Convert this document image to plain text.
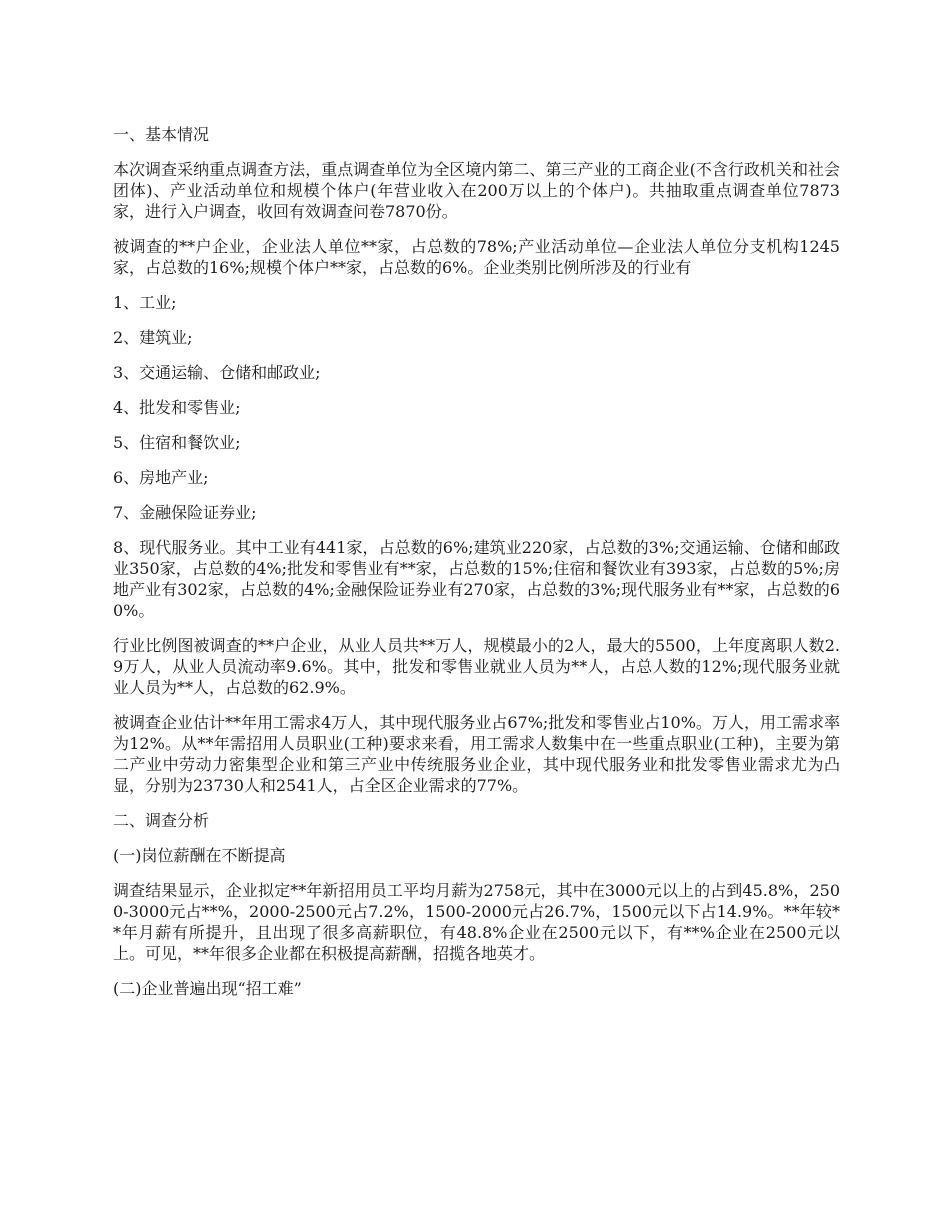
一、基本情况

本次调查采纳重点调查方法，重点调查单位为全区境内第二、第三产业的工商企业(不含行政机关和社会团体)、产业活动单位和规模个体户(年营业收入在200万以上的个体户)。共抽取重点调查单位7873家，进行入户调查，收回有效调查问卷7870份。

被调查的**户企业，企业法人单位**家，占总数的78%;产业活动单位—企业法人单位分支机构1245家，占总数的16%;规模个体户**家，占总数的6%。企业类别比例所涉及的行业有

1、工业;

2、建筑业;

3、交通运输、仓储和邮政业;

4、批发和零售业;

5、住宿和餐饮业;

6、房地产业;

7、金融保险证券业;

8、现代服务业。其中工业有441家，占总数的6%;建筑业220家，占总数的3%;交通运输、仓储和邮政业350家，占总数的4%;批发和零售业有**家，占总数的15%;住宿和餐饮业有393家，占总数的5%;房地产业有302家，占总数的4%;金融保险证券业有270家，占总数的3%;现代服务业有**家，占总数的60%。

行业比例图被调查的**户企业，从业人员共**万人，规模最小的2人，最大的5500，上年度离职人数2.9万人，从业人员流动率9.6%。其中，批发和零售业就业人员为**人，占总人数的12%;现代服务业就业人员为**人，占总数的62.9%。

被调查企业估计**年用工需求4万人，其中现代服务业占67%;批发和零售业占10%。万人，用工需求率为12%。从**年需招用人员职业(工种)要求来看，用工需求人数集中在一些重点职业(工种)，主要为第二产业中劳动力密集型企业和第三产业中传统服务业企业，其中现代服务业和批发零售业需求尤为凸显，分别为23730人和2541人，占全区企业需求的77%。

二、调查分析

(一)岗位薪酬在不断提高

调查结果显示，企业拟定**年新招用员工平均月薪为2758元，其中在3000元以上的占到45.8%，2500-3000元占**%，2000-2500元占7.2%，1500-2000元占26.7%，1500元以下占14.9%。**年较**年月薪有所提升，且出现了很多高薪职位，有48.8%企业在2500元以下，有**%企业在2500元以上。可见，**年很多企业都在积极提高薪酬，招揽各地英才。

(二)企业普遍出现“招工难”
